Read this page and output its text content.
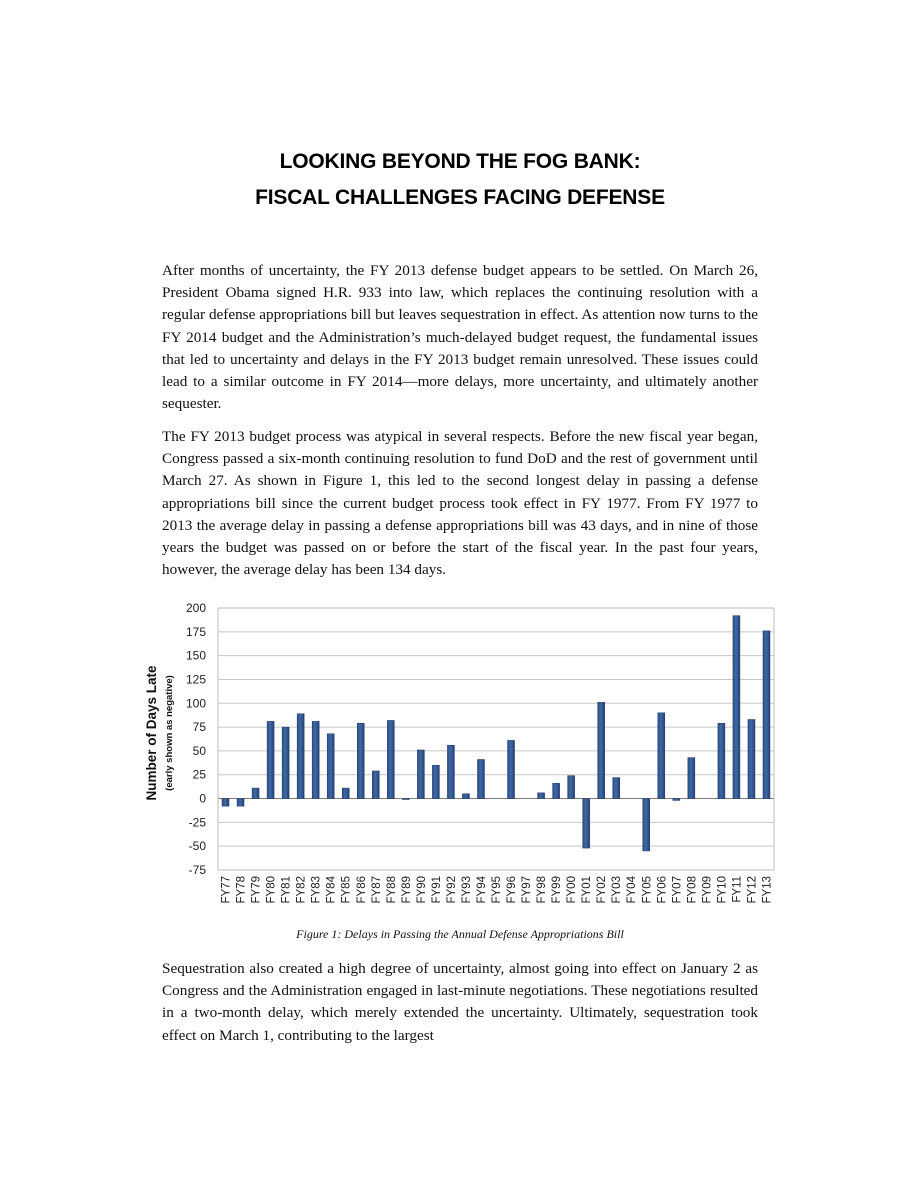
LOOKING BEYOND THE FOG BANK:
FISCAL CHALLENGES FACING DEFENSE

After months of uncertainty, the FY 2013 defense budget appears to be settled. On March 26, President Obama signed H.R. 933 into law, which replaces the continuing resolution with a regular defense appropriations bill but leaves sequestration in effect. As attention now turns to the FY 2014 budget and the Administration’s much-delayed budget request, the fundamental issues that led to uncertainty and delays in the FY 2013 budget remain unresolved. These issues could lead to a similar outcome in FY 2014—more delays, more uncertainty, and ultimately another sequester.

The FY 2013 budget process was atypical in several respects. Before the new fiscal year began, Congress passed a six-month continuing resolution to fund DoD and the rest of government until March 27. As shown in Figure 1, this led to the second longest delay in passing a defense appropriations bill since the current budget process took effect in FY 1977. From FY 1977 to 2013 the average delay in passing a defense appropriations bill was 43 days, and in nine of those years the budget was passed on or before the start of the fiscal year. In the past four years, however, the average delay has been 134 days.

200
175
150
125
100
75
50
25
0
-25
-50
-75
FY77 FY78 FY79 FY80 FY81 FY82 FY83 FY84 FY85 FY86 FY87 FY88 FY89 FY90 FY91 FY92 FY93 FY94 FY95 FY96 FY97 FY98 FY99 FY00 FY01 FY02 FY03 FY04 FY05 FY06 FY07 FY08 FY09 FY10 FY11 FY12 FY13
Number of Days Late (early shown as negative)
Figure 1: Delays in Passing the Annual Defense Appropriations Bill

Sequestration also created a high degree of uncertainty, almost going into effect on January 2 as Congress and the Administration engaged in last-minute negotiations. These negotiations resulted in a two-month delay, which merely extended the uncertainty. Ultimately, sequestration took effect on March 1, contributing to the largest
